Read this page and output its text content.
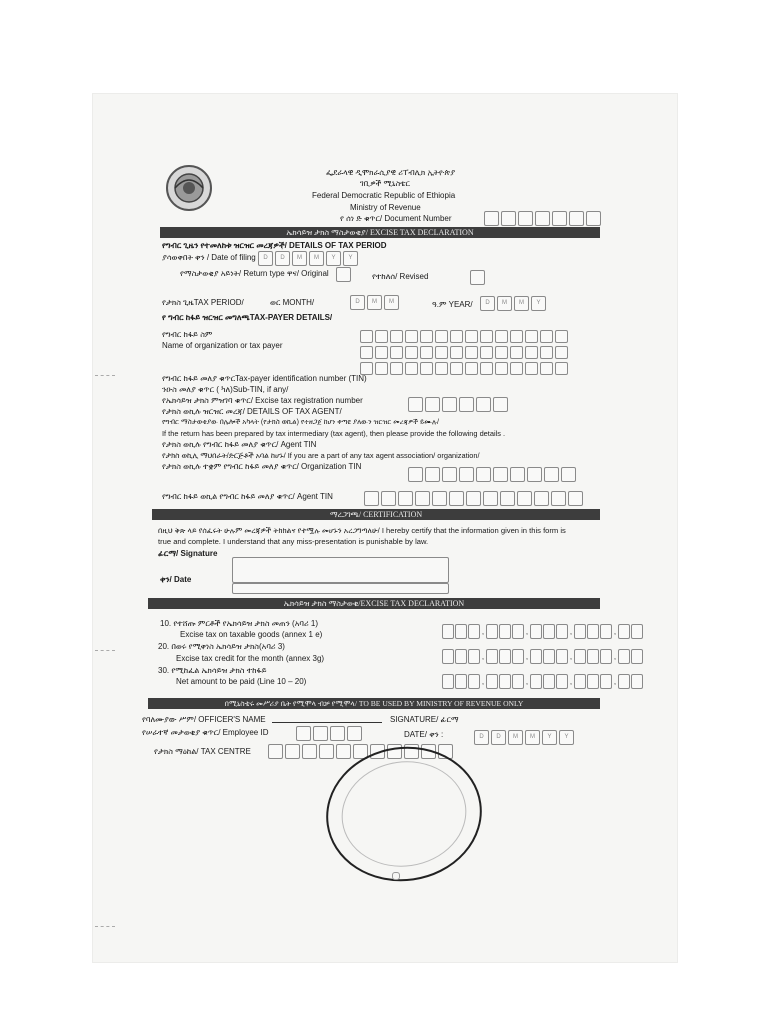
ፌደራላዊ ዲሞክራሲያዊ ሪፐብሊክ ኢትዮጵያ
ገቢዎች ሚኒስቴር
Federal Democratic Republic of Ethiopia
Ministry of Revenue
የ ሰነ ድ ቁጥር/ Document Number
ኤክሳይዝ ታክስ ማስታወቂያ/ EXCISE TAX DECLARATION
የግብር ጊዜን የተመለከቱ ዝርዝር መረጃዎች/ DETAILS OF TAX PERIOD
ያሳወቀበት ቀን / Date of filing	D	D	M	M	Y	Y
የማስታወቂያ አይነት/ Return type ዋና/ Original	የተከለሰ/ Revised
የታክስ ጊዜTAX PERIOD/	ወር MONTH/	D	M	M	ዓ.ም YEAR/	D	M	M	Y
የ ግብር ከፋይ ዝርዝር መግለጫTAX-PAYER DETAILS/
የግብር ከፋይ ስም
Name of organization or tax payer
የግብር ከፋይ መለያ ቁጥርTax-payer identification number (TIN)
ንዑስ መለያ ቁጥር ( ካለ)Sub-TIN, if any/
የኤክሳይዝ ታክስ ምዝገባ ቁጥር/ Excise tax registration number
የታክስ ወኪሉ ዝርዝር መረጃ/ DETAILS OF TAX AGENT/
የግብር ማስታወቂያው በሌሎች አካላት (የታክስ ወኪል) የተዘጋጀ ከሆነ ቀጣዩ ያለውን ዝርዝር መረጃዎች ይሙሉ/
If the return has been prepared by tax intermediary (tax agent), then please provide the following details .
የታክስ ወኪሉ የግብር ከፋይ መለያ ቁጥር/ Agent TIN
የታክስ ወኪሊ ማህበራት/ድርጅቶች አባል ከሆኑ/ If you are a part of any tax agent association/ organization/
የታክስ ወኪሉ ተቋም የግብር ከፋይ መለያ ቁጥር/ Organization TIN
የግብር ከፋይ ወኪል የግብር ከፋይ መለያ ቁጥር/ Agent TIN
ማረጋገጫ/ CERTIFICATION
በዚህ ቅጽ ላይ የሰፈሩት ሁሉም መረጃዎች ትክክልና የተሟሉ መሆኑን አረጋግጣለሁ/ I hereby certify that the information given in this form is
true and complete. I understand that any miss-presentation is punishable by law.
ፊርማ/ Signature
ቀን/ Date
ኤክሳይዝ ታክስ ማስታወቂ/EXCISE TAX DECLARATION
10. የተሸጡ ምርቶች የኤክሳይዝ ታክስ መጠን (አባሪ 1)
Excise tax on taxable goods (annex 1 e)	,	,	,	,
20. በወሩ የሚቀነስ ኤክሳይዝ ታክስ(አባሪ 3)
Excise tax credit for the month (annex 3g)	,	,	,	,
30. የሚከፈል ኤክሳይዝ ታክስ ተከፋይ
Net amount to be paid (Line 10 – 20)	,	,	,	,
በሚኒስቴሩ መሥሪያ ቤት የሚሞላ ብቻ የሚሞላ/ TO BE USED BY MINISTRY OF REVENUE ONLY
የባለሙያው ሥም/ OFFICER'S NAME	SIGNATURE/ ፊርማ
የሠራተኛ መታወቂያ ቁጥር/ Employee ID	DATE/ ቀን :	D	D	M	M	Y	Y
የታክስ ማዕከል/ TAX CENTRE
